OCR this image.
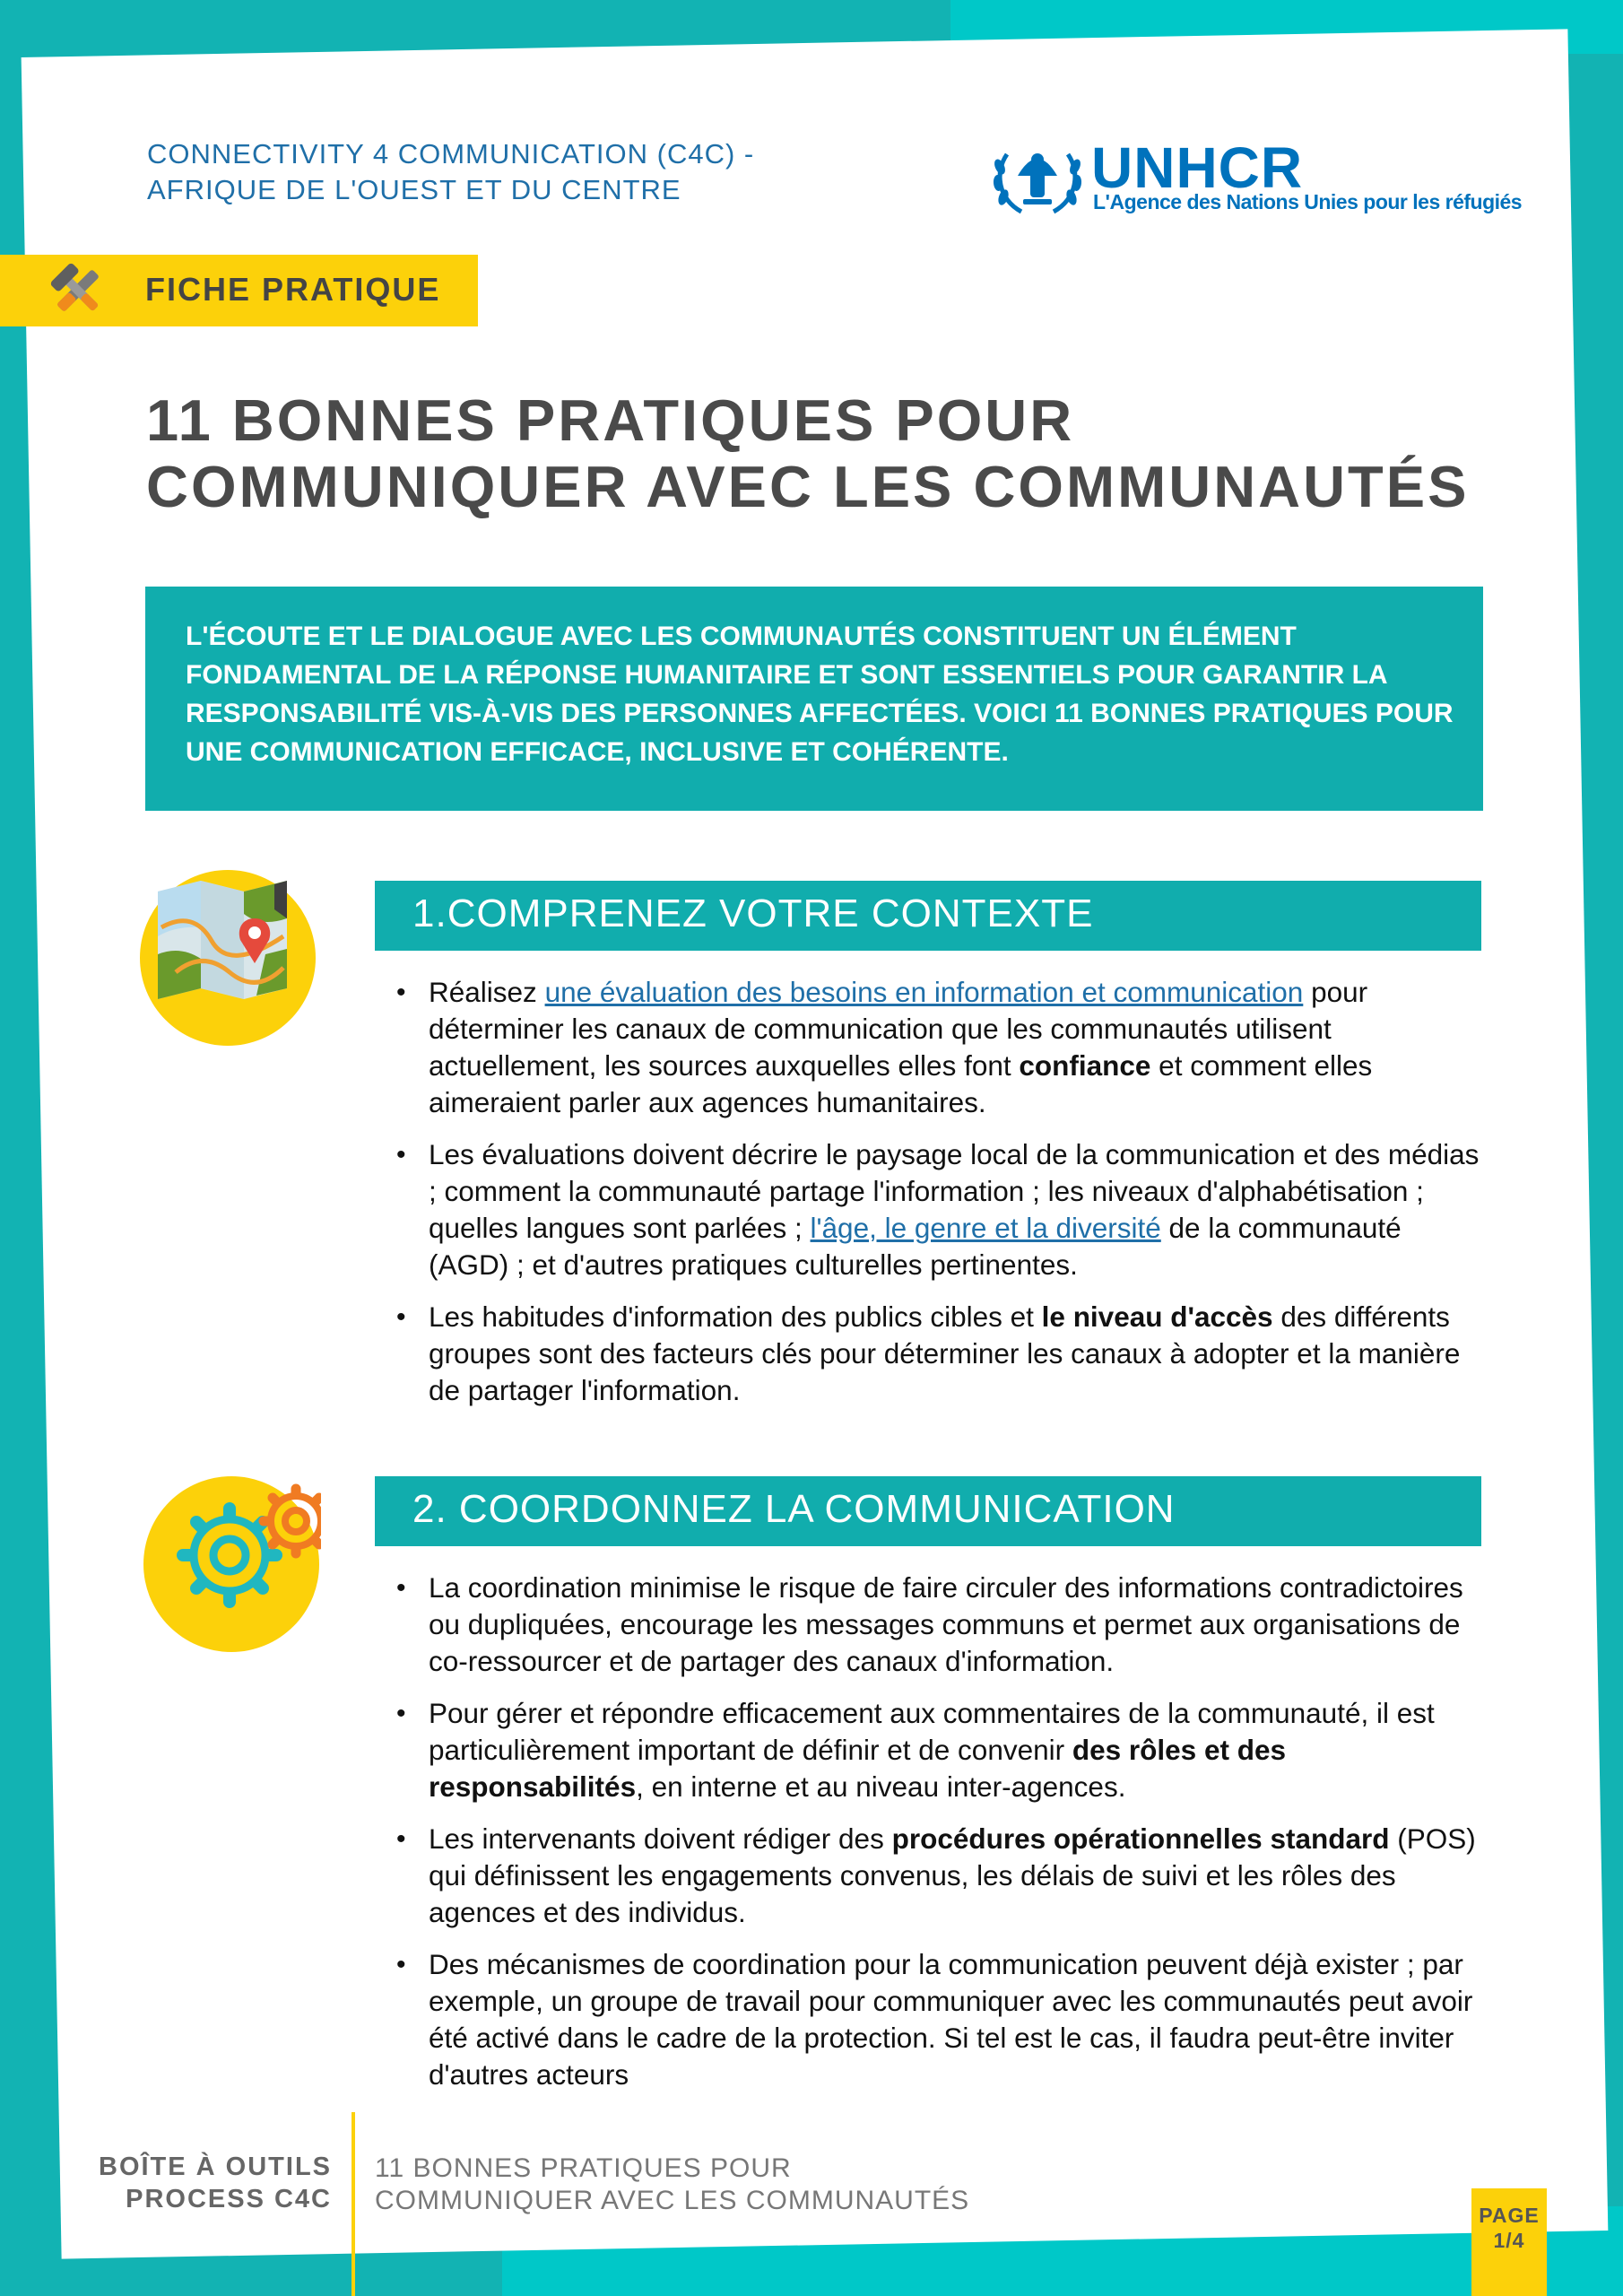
CONNECTIVITY 4 COMMUNICATION (C4C) -
AFRIQUE DE L'OUEST ET DU CENTRE	UNHCR
L'Agence des Nations Unies pour les réfugiés
FICHE PRATIQUE
11 BONNES PRATIQUES POUR
COMMUNIQUER AVEC LES COMMUNAUTÉS
L'ÉCOUTE ET LE DIALOGUE AVEC LES COMMUNAUTÉS CONSTITUENT UN ÉLÉMENT FONDAMENTAL DE LA RÉPONSE HUMANITAIRE ET SONT ESSENTIELS POUR GARANTIR LA RESPONSABILITÉ VIS-À-VIS DES PERSONNES AFFECTÉES. VOICI 11 BONNES PRATIQUES POUR UNE COMMUNICATION EFFICACE, INCLUSIVE ET COHÉRENTE.
1.COMPRENEZ VOTRE CONTEXTE
• Réalisez une évaluation des besoins en information et communication pour déterminer les canaux de communication que les communautés utilisent actuellement, les sources auxquelles elles font confiance et comment elles aimeraient parler aux agences humanitaires.
• Les évaluations doivent décrire le paysage local de la communication et des médias ; comment la communauté partage l'information ; les niveaux d'alphabétisation ; quelles langues sont parlées ; l'âge, le genre et la diversité de la communauté (AGD) ; et d'autres pratiques culturelles pertinentes.
• Les habitudes d'information des publics cibles et le niveau d'accès des différents groupes sont des facteurs clés pour déterminer les canaux à adopter et la manière de partager l'information.
2. COORDONNEZ LA COMMUNICATION
• La coordination minimise le risque de faire circuler des informations contradictoires ou dupliquées, encourage les messages communs et permet aux organisations de co-ressourcer et de partager des canaux d'information.
• Pour gérer et répondre efficacement aux commentaires de la communauté, il est particulièrement important de définir et de convenir des rôles et des responsabilités, en interne et au niveau inter-agences.
• Les intervenants doivent rédiger des procédures opérationnelles standard (POS) qui définissent les engagements convenus, les délais de suivi et les rôles des agences et des individus.
• Des mécanismes de coordination pour la communication peuvent déjà exister ; par exemple, un groupe de travail pour communiquer avec les communautés peut avoir été activé dans le cadre de la protection. Si tel est le cas, il faudra peut-être inviter d'autres acteurs
BOÎTE À OUTILS
PROCESS C4C
11 BONNES PRATIQUES POUR
COMMUNIQUER AVEC LES COMMUNAUTÉS	PAGE
1/4
